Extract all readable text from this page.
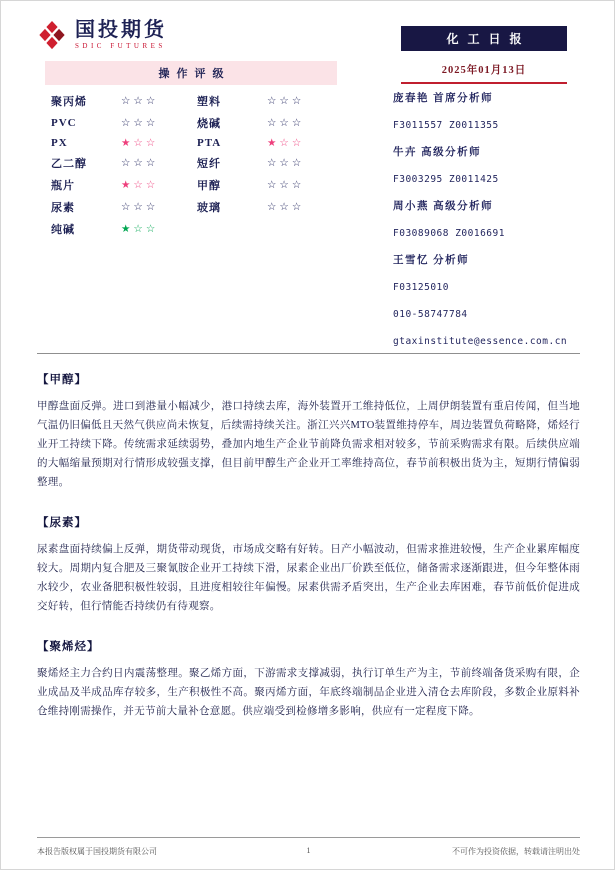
国投期货
SDIC FUTURES	化工日报
2025年01月13日
操作评级
聚丙烯	☆☆☆	塑料	☆☆☆
PVC	☆☆☆	烧碱	☆☆☆
PX	★☆☆	PTA	★☆☆
乙二醇	☆☆☆	短纤	☆☆☆
瓶片	★☆☆	甲醇	☆☆☆
尿素	☆☆☆	玻璃	☆☆☆
纯碱	★☆☆
庞春艳 首席分析师
F3011557 Z0011355
牛卉 高级分析师
F3003295 Z0011425
周小燕 高级分析师
F03089068 Z0016691
王雪忆 分析师
F03125010
010-58747784
gtaxinstitute@essence.com.cn
【甲醇】
甲醇盘面反弹。进口到港量小幅减少，港口持续去库，海外装置开工维持低位，上周伊朗装置有重启传闻，但当地气温仍旧偏低且天然气供应尚未恢复，后续需持续关注。浙江兴兴MTO装置维持停车，周边装置负荷略降，烯烃行业开工持续下降。传统需求延续弱势，叠加内地生产企业节前降负需求相对较多，节前采购需求有限。后续供应端的大幅缩量预期对行情形成较强支撑，但目前甲醇生产企业开工率维持高位，春节前积极出货为主，短期行情偏弱整理。
【尿素】
尿素盘面持续偏上反弹，期货带动现货，市场成交略有好转。日产小幅波动，但需求推进较慢，生产企业累库幅度较大。周期内复合肥及三聚氰胺企业开工持续下滑，尿素企业出厂价跌至低位，储备需求逐渐跟进，但今年整体雨水较少，农业备肥积极性较弱，且进度相较往年偏慢。尿素供需矛盾突出，生产企业去库困难，春节前低价促进成交好转，但行情能否持续仍有待观察。
【聚烯烃】
聚烯烃主力合约日内震荡整理。聚乙烯方面，下游需求支撑减弱，执行订单生产为主，节前终端备货采购有限，企业成品及半成品库存较多，生产积极性不高。聚丙烯方面，年底终端制品企业进入清仓去库阶段，多数企业原料补仓维持刚需操作，并无节前大量补仓意愿。供应端受到检修增多影响，供应有一定程度下降。
本报告版权属于国投期货有限公司	1	不可作为投资依据，转载请注明出处
